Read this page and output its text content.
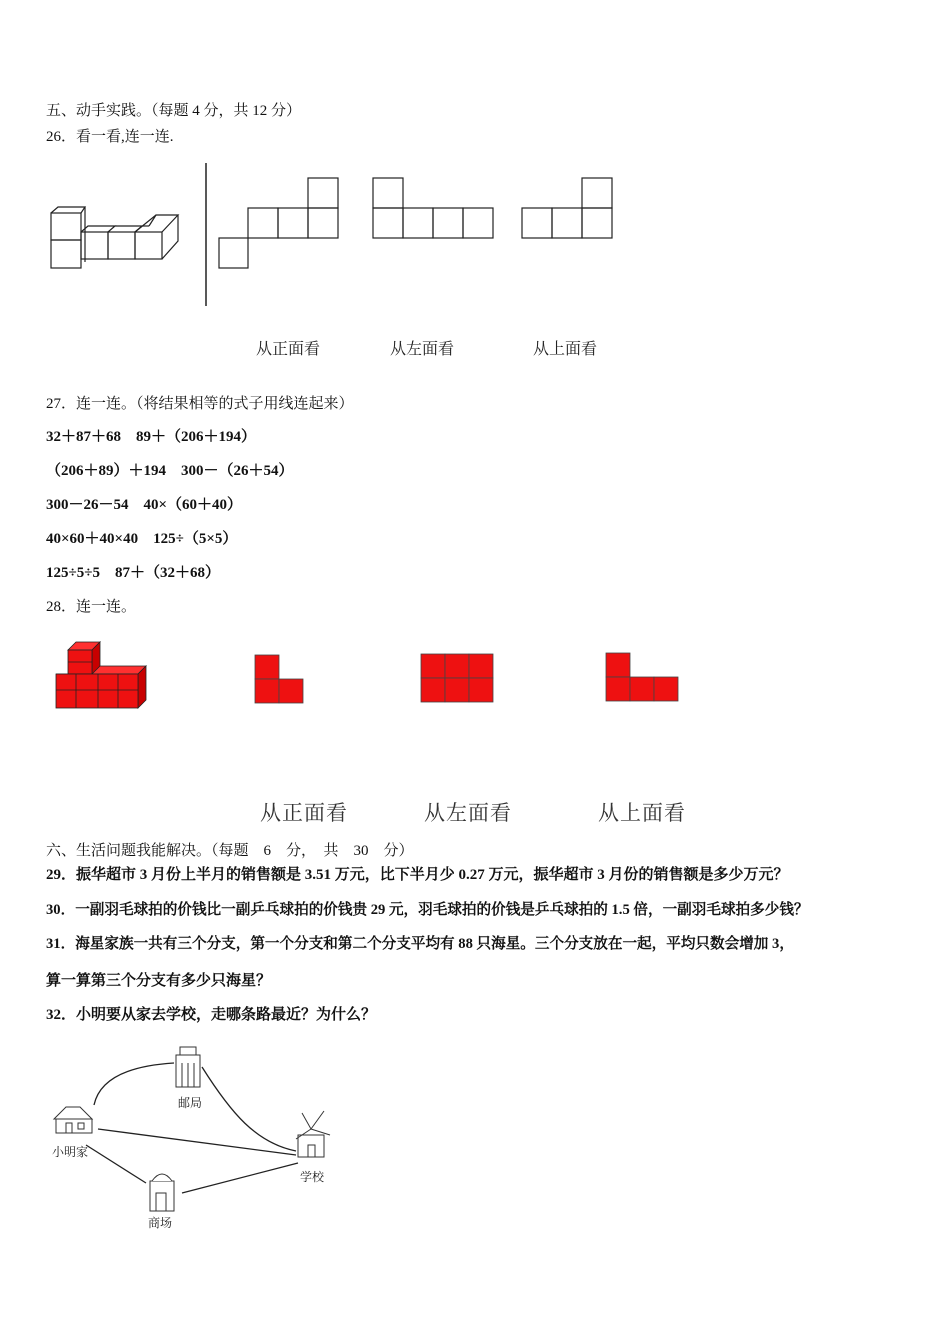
五、动手实践。（每题 4 分，共 12 分）
26．看一看,连一连.
从正面看	从左面看	从上面看
27．连一连。（将结果相等的式子用线连起来）
32＋87＋68　89＋（206＋194）
（206＋89）＋194　300－（26＋54）
300－26－54　40×（60＋40）
40×60＋40×40　125÷（5×5）
125÷5÷5　87＋（32＋68）
28．连一连。
从正面看	从左面看	从上面看
六、生活问题我能解决。（每题　6　分，　共　30　分）
29．振华超市 3 月份上半月的销售额是 3.51 万元，比下半月少 0.27 万元，振华超市 3 月份的销售额是多少万元？
30．一副羽毛球拍的价钱比一副乒乓球拍的价钱贵 29 元，羽毛球拍的价钱是乒乓球拍的 1.5 倍，一副羽毛球拍多少钱？
31．海星家族一共有三个分支，第一个分支和第二个分支平均有 88 只海星。三个分支放在一起，平均只数会增加 3，
算一算第三个分支有多少只海星？
32．小明要从家去学校，走哪条路最近？为什么？
邮局
小明家
学校
商场
